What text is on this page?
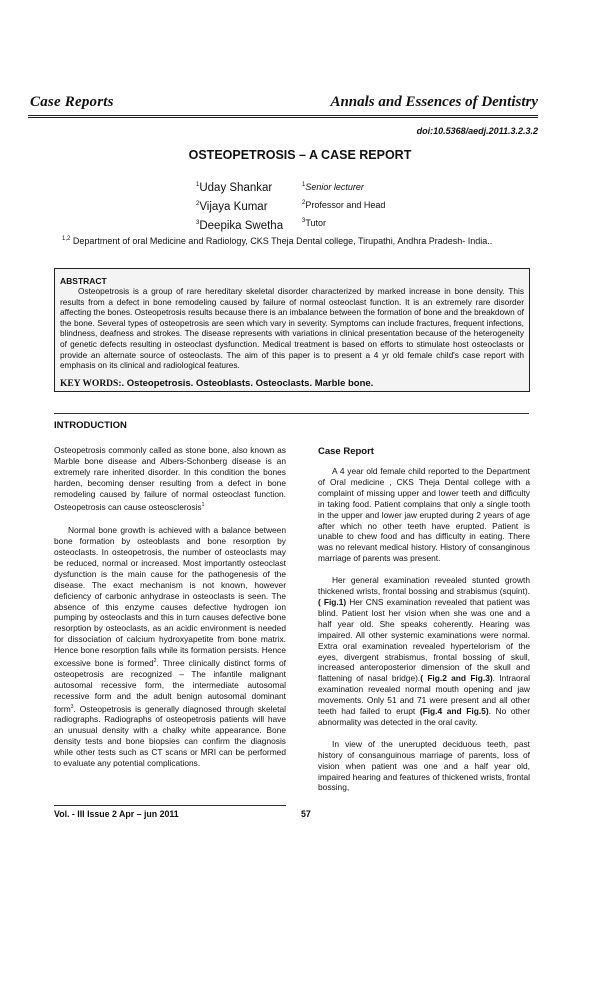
Case Reports	Annals and Essences of Dentistry
doi:10.5368/aedj.2011.3.2.3.2
OSTEOPETROSIS – A CASE REPORT
$^1$Uday Shankar
$^2$Vijaya Kumar
$^3$Deepika Swetha
$^1$Senior lecturer
$^2$Professor and Head
$^3$Tutor
$^{1,2}$ Department of oral Medicine and Radiology, CKS Theja Dental college, Tirupathi, Andhra Pradesh- India..
ABSTRACT
Osteopetrosis is a group of rare hereditary skeletal disorder characterized by marked increase in bone density. This results from a defect in bone remodeling caused by failure of normal osteoclast function. It is an extremely rare disorder affecting the bones. Osteopetrosis results because there is an imbalance between the formation of bone and the breakdown of the bone. Several types of osteopetrosis are seen which vary in severity. Symptoms can include fractures, frequent infections, blindness, deafness and strokes. The disease represents with variations in clinical presentation because of the heterogeneity of genetic defects resulting in osteoclast dysfunction. Medical treatment is based on efforts to stimulate host osteoclasts or provide an alternate source of osteoclasts. The aim of this paper is to present a 4 yr old female child's case report with emphasis on its clinical and radiological features.
KEY WORDS:. Osteopetrosis. Osteoblasts. Osteoclasts. Marble bone.
INTRODUCTION

Osteopetrosis commonly called as stone bone, also known as Marble bone disease and Albers-Schonberg disease is an extremely rare inherited disorder. In this condition the bones harden, becoming denser resulting from a defect in bone remodeling caused by failure of normal osteoclast function. Osteopetrosis can cause osteosclerosis$^1$

Normal bone growth is achieved with a balance between bone formation by osteoblasts and bone resorption by osteoclasts. In osteopetrosis, the number of osteoclasts may be reduced, normal or increased. Most importantly osteoclast dysfunction is the main cause for the pathogenesis of the disease. The exact mechanism is not known, however deficiency of carbonic anhydrase in osteoclasts is seen. The absence of this enzyme causes defective hydrogen ion pumping by osteoclasts and this in turn causes defective bone resorption by osteoclasts, as an acidic environment is needed for dissociation of calcium hydroxyapetite from bone matrix. Hence bone resorption fails while its formation persists. Hence excessive bone is formed$^2$. Three clinically distinct forms of osteopetrosis are recognized – The infantile malignant autosomal recessive form, the intermediate autosomal recessive form and the adult benign autosomal dominant form$^3$. Osteopetrosis is generally diagnosed through skeletal radiographs. Radiographs of osteopetrosis patients will have an unusual density with a chalky white appearance. Bone density tests and bone biopsies can confirm the diagnosis while other tests such as CT scans or MRI can be performed to evaluate any potential complications.

Case Report

A 4 year old female child reported to the Department of Oral medicine , CKS Theja Dental college with a complaint of missing upper and lower teeth and difficulty in taking food. Patient complains that only a single tooth in the upper and lower jaw erupted during 2 years of age after which no other teeth have erupted. Patient is unable to chew food and has difficulty in eating. There was no relevant medical history. History of consanginous marriage of parents was present.

Her general examination revealed stunted growth thickened wrists, frontal bossing and strabismus (squint).( Fig.1) Her CNS examination revealed that patient was blind. Patient lost her vision when she was one and a half year old. She speaks coherently. Hearing was impaired. All other systemic examinations were normal. Extra oral examination revealed hypertelorism of the eyes, divergent strabismus, frontal bossing of skull, increased anteroposterior dimension of the skull and flattening of nasal bridge).( Fig.2 and Fig.3). Intraoral examination revealed normal mouth opening and jaw movements. Only 51 and 71 were present and all other teeth had failed to erupt (Fig.4 and Fig.5). No other abnormality was detected in the oral cavity.

In view of the unerupted deciduous teeth, past history of consanguinous marriage of parents, loss of vision when patient was one and a half year old, impaired hearing and features of thickened wrists, frontal bossing,

Vol. - III Issue 2 Apr – jun 2011	57
